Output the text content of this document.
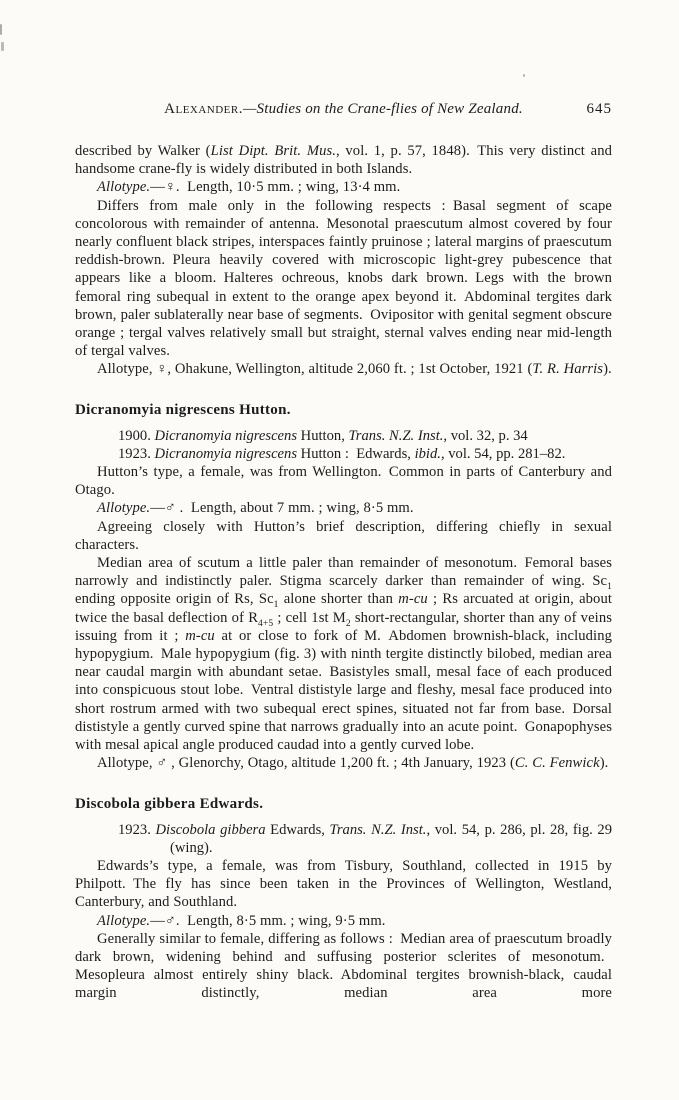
Alexander.—Studies on the Crane-flies of New Zealand.	645

described by Walker (List Dipt. Brit. Mus., vol. 1, p. 57, 1848). This very distinct and handsome crane-fly is widely distributed in both Islands.

Allotype.—♀. Length, 10·5 mm. ; wing, 13·4 mm.

Differs from male only in the following respects : Basal segment of scape concolorous with remainder of antenna. Mesonotal praescutum almost covered by four nearly confluent black stripes, interspaces faintly pruinose ; lateral margins of praescutum reddish-brown. Pleura heavily covered with microscopic light-grey pubescence that appears like a bloom. Halteres ochreous, knobs dark brown. Legs with the brown femoral ring subequal in extent to the orange apex beyond it. Abdominal tergites dark brown, paler sublaterally near base of segments. Ovipositor with genital segment obscure orange ; tergal valves relatively small but straight, sternal valves ending near mid-length of tergal valves.

Allotype, ♀, Ohakune, Wellington, altitude 2,060 ft. ; 1st October, 1921 (T. R. Harris).

Dicranomyia nigrescens Hutton.
1900. Dicranomyia nigrescens Hutton, Trans. N.Z. Inst., vol. 32, p. 34
1923. Dicranomyia nigrescens Hutton : Edwards, ibid., vol. 54, pp. 281–82.

Hutton’s type, a female, was from Wellington. Common in parts of Canterbury and Otago.

Allotype.—♂ . Length, about 7 mm. ; wing, 8·5 mm.

Agreeing closely with Hutton’s brief description, differing chiefly in sexual characters.

Median area of scutum a little paler than remainder of mesonotum. Femoral bases narrowly and indistinctly paler. Stigma scarcely darker than remainder of wing. $Sc_1$ ending opposite origin of Rs, $Sc_1$ alone shorter than m-cu ; Rs arcuated at origin, about twice the basal deflection of $R_{4+5}$ ; cell 1st $M_2$ short-rectangular, shorter than any of veins issuing from it ; m-cu at or close to fork of M. Abdomen brownish-black, including hypopygium. Male hypopygium (fig. 3) with ninth tergite distinctly bilobed, median area near caudal margin with abundant setae. Basistyles small, mesal face of each produced into conspicuous stout lobe. Ventral dististyle large and fleshy, mesal face produced into short rostrum armed with two subequal erect spines, situated not far from base. Dorsal dististyle a gently curved spine that narrows gradually into an acute point. Gonapophyses with mesal apical angle produced caudad into a gently curved lobe.

Allotype, ♂ , Glenorchy, Otago, altitude 1,200 ft. ; 4th January, 1923 (C. C. Fenwick).

Discobola gibbera Edwards.
1923. Discobola gibbera Edwards, Trans. N.Z. Inst., vol. 54, p. 286, pl. 28, fig. 29 (wing).

Edwards’s type, a female, was from Tisbury, Southland, collected in 1915 by Philpott. The fly has since been taken in the Provinces of Wellington, Westland, Canterbury, and Southland.

Allotype.—♂. Length, 8·5 mm. ; wing, 9·5 mm.

Generally similar to female, differing as follows : Median area of praescutum broadly dark brown, widening behind and suffusing posterior sclerites of mesonotum. Mesopleura almost entirely shiny black. Abdominal tergites brownish-black, caudal margin distinctly, median area more
